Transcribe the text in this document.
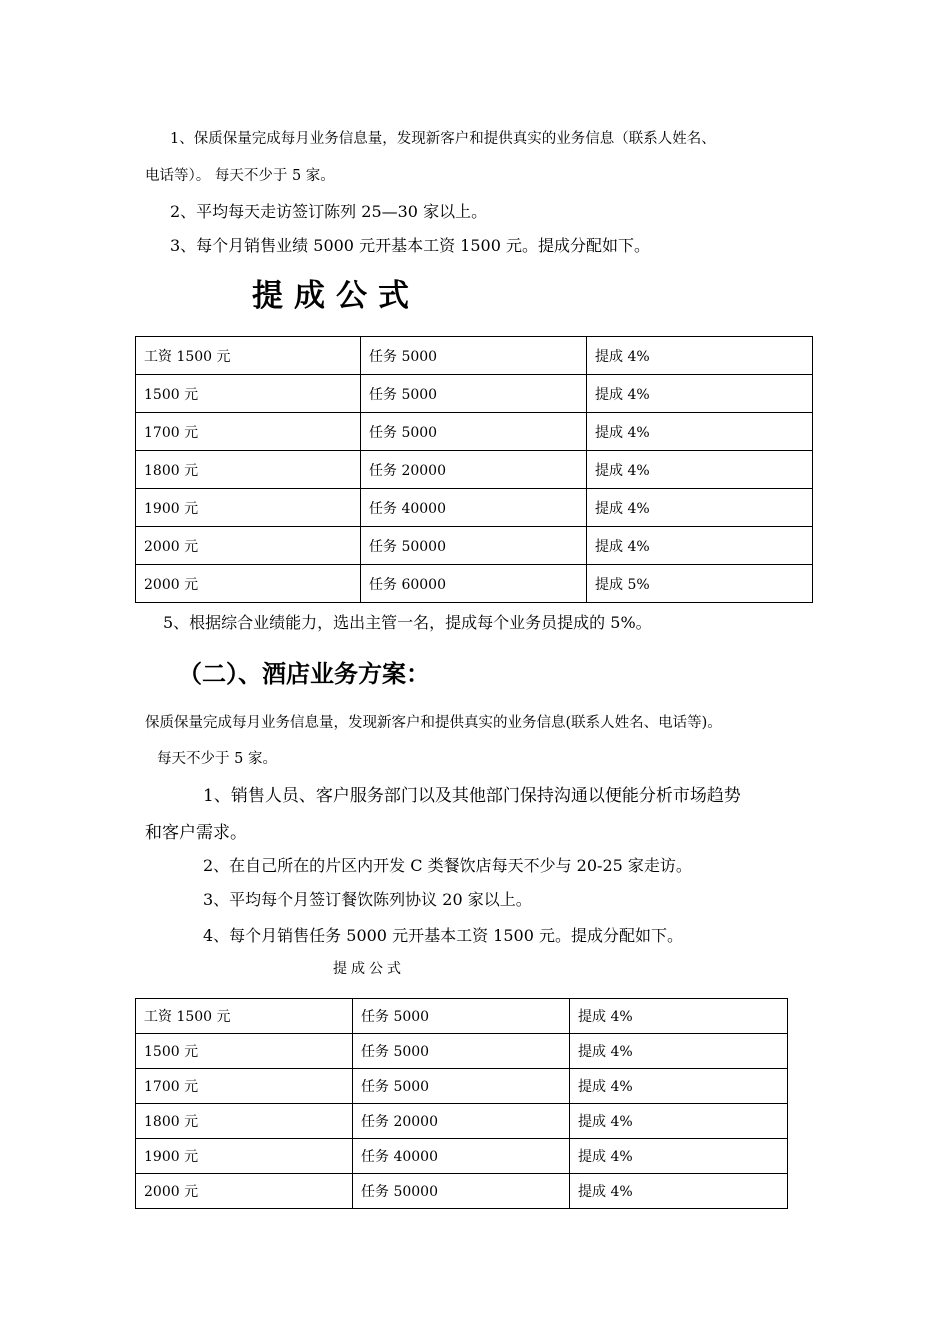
1、保质保量完成每月业务信息量，发现新客户和提供真实的业务信息（联系人姓名、
电话等）。 每天不少于 5 家。
2、平均每天走访签订陈列 25—30 家以上。
3、每个月销售业绩 5000 元开基本工资 1500 元。提成分配如下。
提成公式
工资 1500 元	任务 5000	提成 4%
1500 元	任务 5000	提成 4%
1700 元	任务 5000	提成 4%
1800 元	任务 20000	提成 4%
1900 元	任务 40000	提成 4%
2000 元	任务 50000	提成 4%
2000 元	任务 60000	提成 5%
5、根据综合业绩能力，选出主管一名，提成每个业务员提成的 5%。
（二）、酒店业务方案：
保质保量完成每月业务信息量，发现新客户和提供真实的业务信息(联系人姓名、电话等)。
每天不少于 5 家。
1、销售人员、客户服务部门以及其他部门保持沟通以便能分析市场趋势
和客户需求。
2、在自己所在的片区内开发 C 类餐饮店每天不少与 20-25 家走访。
3、平均每个月签订餐饮陈列协议 20 家以上。
4、每个月销售任务 5000 元开基本工资 1500 元。提成分配如下。
提成公式
工资 1500 元	任务 5000	提成 4%
1500 元	任务 5000	提成 4%
1700 元	任务 5000	提成 4%
1800 元	任务 20000	提成 4%
1900 元	任务 40000	提成 4%
2000 元	任务 50000	提成 4%
